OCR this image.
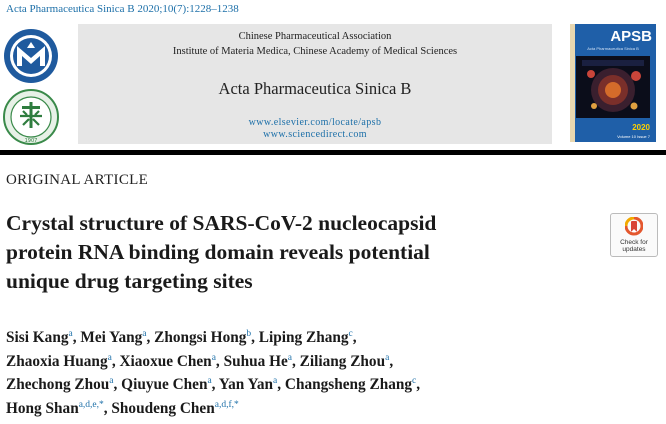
Acta Pharmaceutica Sinica B 2020;10(7):1228–1238
1907
Chinese Pharmaceutical Association
Institute of Materia Medica, Chinese Academy of Medical Sciences
Acta Pharmaceutica Sinica B
www.elsevier.com/locate/apsb
www.sciencedirect.com
APSB
Acta Pharmaceutica Sinica B
2020
Volume 10 Issue 7
ORIGINAL ARTICLE
Crystal structure of SARS-CoV-2 nucleocapsid
protein RNA binding domain reveals potential
unique drug targeting sites
Check for
updates
Sisi Kang$^a$, Mei Yang$^a$, Zhongsi Hong$^b$, Liping Zhang$^c$,
Zhaoxia Huang$^a$, Xiaoxue Chen$^a$, Suhua He$^a$, Ziliang Zhou$^a$,
Zhechong Zhou$^a$, Qiuyue Chen$^a$, Yan Yan$^a$, Changsheng Zhang$^c$,
Hong Shan$^{a,d,e,*}$, Shoudeng Chen$^{a,d,f,*}$
